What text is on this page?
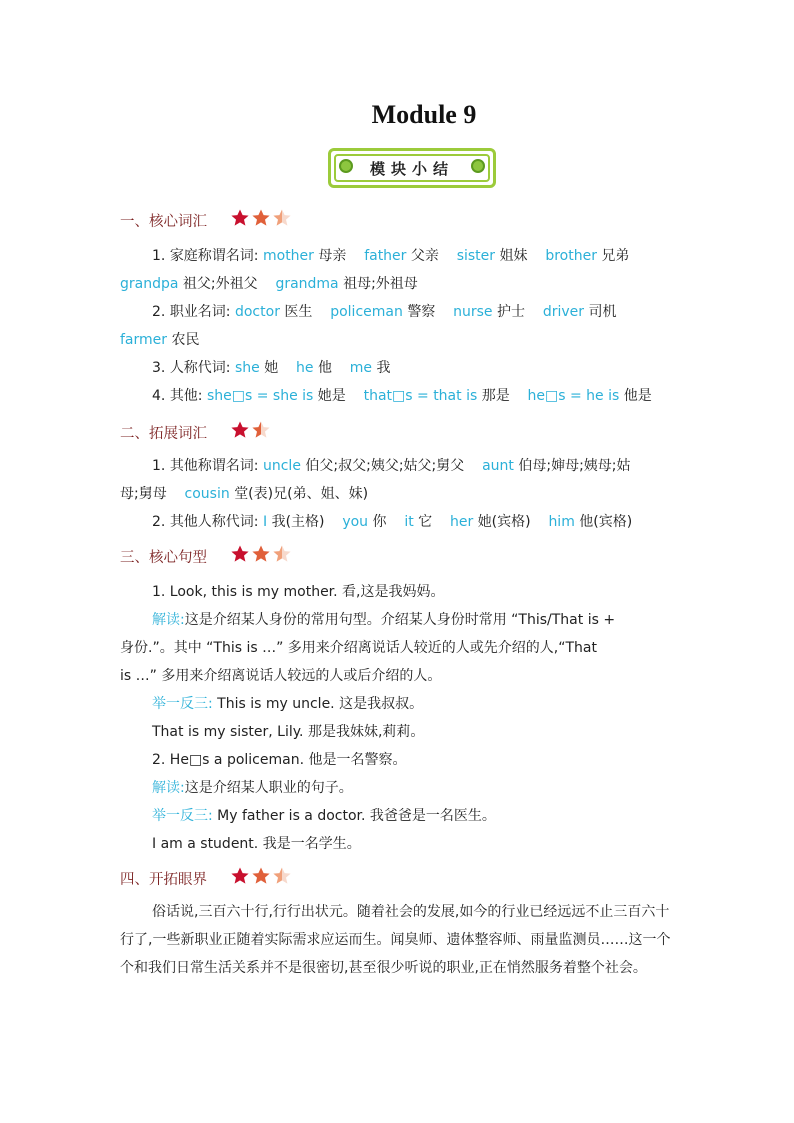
Module 9
模块小结
一、核心词汇
1. 家庭称谓名词: mother 母亲 father 父亲 sister 姐妹 brother 兄弟
grandpa 祖父;外祖父 grandma 祖母;外祖母
2. 职业名词: doctor 医生 policeman 警察 nurse 护士 driver 司机
farmer 农民
3. 人称代词: she 她 he 他 me 我
4. 其他: she□s = she is 她是 that□s = that is 那是 he□s = he is 他是
二、拓展词汇
1. 其他称谓名词: uncle 伯父;叔父;姨父;姑父;舅父 aunt 伯母;婶母;姨母;姑
母;舅母 cousin 堂(表)兄(弟、姐、妹)
2. 其他人称代词: I 我(主格) you 你 it 它 her 她(宾格) him 他(宾格)
三、核心句型
1. Look, this is my mother. 看,这是我妈妈。
解读:这是介绍某人身份的常用句型。介绍某人身份时常用 “This/That is +
身份.”。其中 “This is …” 多用来介绍离说话人较近的人或先介绍的人,“That
is …” 多用来介绍离说话人较远的人或后介绍的人。
举一反三: This is my uncle. 这是我叔叔。
That is my sister, Lily. 那是我妹妹,莉莉。
2. He□s a policeman. 他是一名警察。
解读:这是介绍某人职业的句子。
举一反三: My father is a doctor. 我爸爸是一名医生。
I am a student. 我是一名学生。
四、开拓眼界
俗话说,三百六十行,行行出状元。随着社会的发展,如今的行业已经远远不止三百六十行了,一些新职业正随着实际需求应运而生。闻臭师、遗体整容师、雨量监测员……这一个个和我们日常生活关系并不是很密切,甚至很少听说的职业,正在悄然服务着整个社会。
